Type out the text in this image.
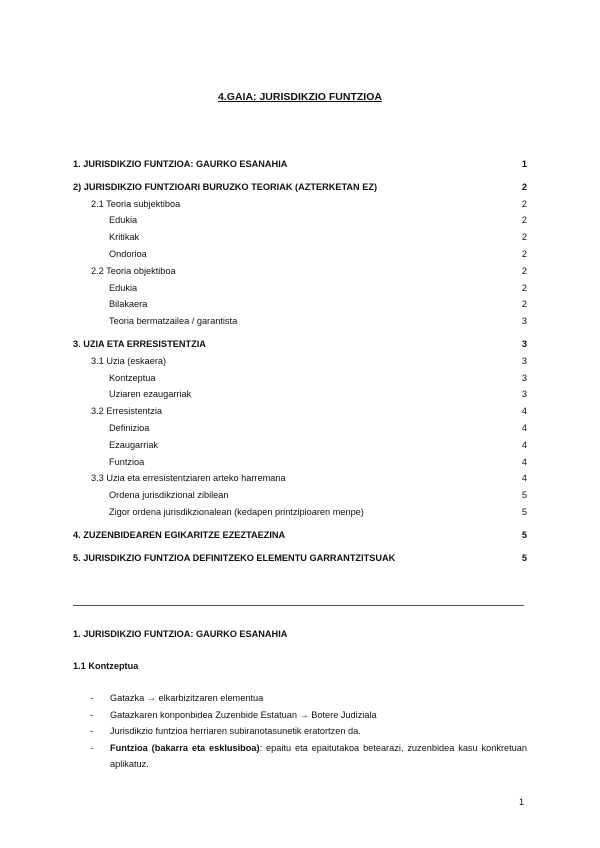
4.GAIA: JURISDIKZIO FUNTZIOA
1. JURISDIKZIO FUNTZIOA: GAURKO ESANAHIA	1
2) JURISDIKZIO FUNTZIOARI BURUZKO TEORIAK (AZTERKETAN EZ)	2
2.1 Teoria subjektiboa	2
Edukia	2
Kritikak	2
Ondorioa	2
2.2 Teoria objektiboa	2
Edukia	2
Bilakaera	2
Teoria bermatzailea / garantista	3
3. UZIA ETA ERRESISTENTZIA	3
3.1 Uzia (eskaera)	3
Kontzeptua	3
Uziaren ezaugarriak	3
3.2 Erresistentzia	4
Definizioa	4
Ezaugarriak	4
Funtzioa	4
3.3 Uzia eta erresistentziaren arteko harremana	4
Ordena jurisdikzional zibilean	5
Zigor ordena jurisdikzionalean (kedapen printzipioaren menpe)	5
4. ZUZENBIDEAREN EGIKARITZE EZEZTAEZINA	5
5. JURISDIKZIO FUNTZIOA DEFINITZEKO ELEMENTU GARRANTZITSUAK	5
1. JURISDIKZIO FUNTZIOA: GAURKO ESANAHIA
1.1 Kontzeptua
- Gatazka → elkarbizitzaren elementua
- Gatazkaren konponbidea Zuzenbide Estatuan → Botere Judiziala
- Jurisdikzio funtzioa herriaren subiranotasunetik eratortzen da.
- Funtzioa (bakarra eta esklusiboa): epaitu eta epaitutakoa betearazi, zuzenbidea kasu konkretuan aplikatuz.
1
